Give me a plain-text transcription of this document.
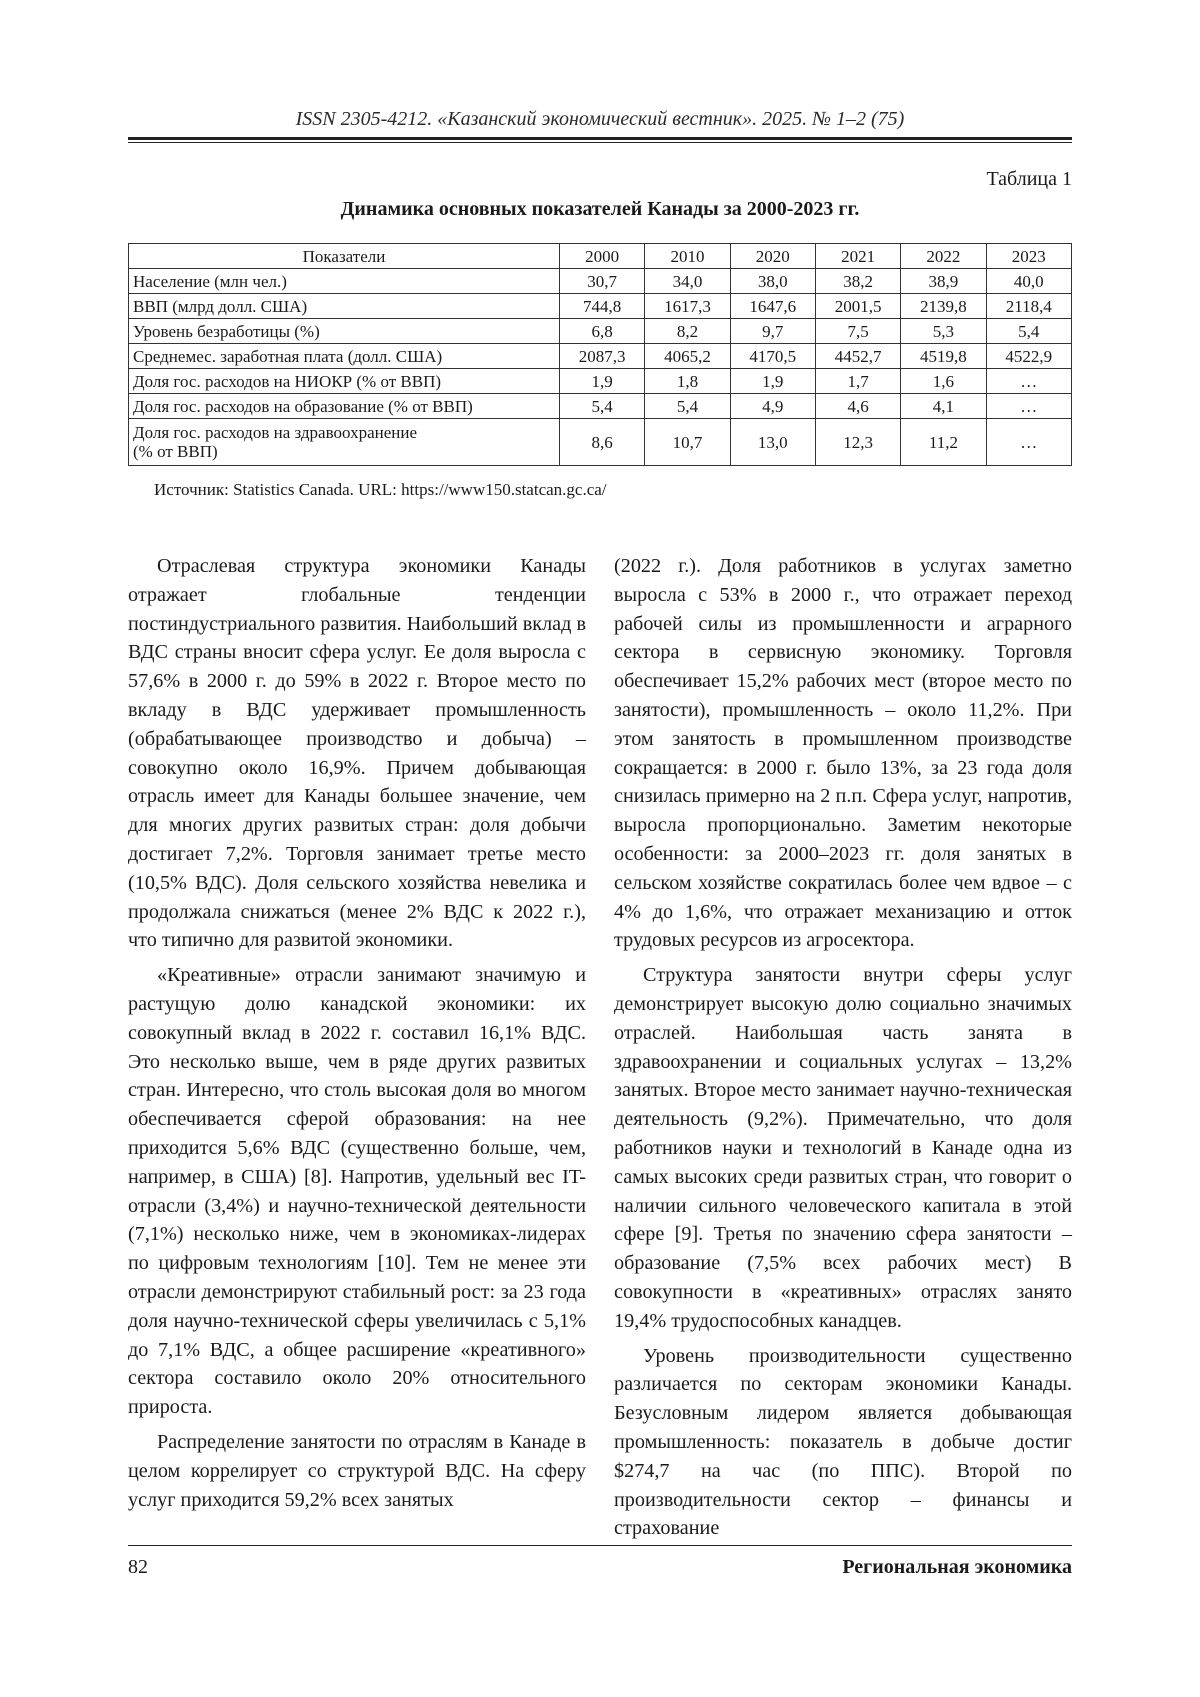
ISSN 2305-4212. «Казанский экономический вестник». 2025. № 1–2 (75)
Таблица 1
Динамика основных показателей Канады за 2000-2023 гг.
Показатели	2000	2010	2020	2021	2022	2023
Население (млн чел.)	30,7	34,0	38,0	38,2	38,9	40,0
ВВП (млрд долл. США)	744,8	1617,3	1647,6	2001,5	2139,8	2118,4
Уровень безработицы (%)	6,8	8,2	9,7	7,5	5,3	5,4
Среднемес. заработная плата (долл. США)	2087,3	4065,2	4170,5	4452,7	4519,8	4522,9
Доля гос. расходов на НИОКР (% от ВВП)	1,9	1,8	1,9	1,7	1,6	…
Доля гос. расходов на образование (% от ВВП)	5,4	5,4	4,9	4,6	4,1	…

Доля гос. расходов на здравоохранение
(% от ВВП)	8,6	10,7	13,0	12,3	11,2	…
Источник: Statistics Canada. URL: https://www150.statcan.gc.ca/

Отраслевая структура экономики Канады отражает глобальные тенденции постиндустриального развития. Наибольший вклад в ВДС страны вносит сфера услуг. Ее доля выросла с 57,6% в 2000 г. до 59% в 2022 г. Второе место по вкладу в ВДС удерживает промышленность (обрабатывающее производство и добыча) – совокупно около 16,9%. Причем добывающая отрасль имеет для Канады большее значение, чем для многих других развитых стран: доля добычи достигает 7,2%. Торговля занимает третье место (10,5% ВДС). Доля сельского хозяйства невелика и продолжала снижаться (менее 2% ВДС к 2022 г.), что типично для развитой экономики.

«Креативные» отрасли занимают значимую и растущую долю канадской экономики: их совокупный вклад в 2022 г. составил 16,1% ВДС. Это несколько выше, чем в ряде других развитых стран. Интересно, что столь высокая доля во многом обеспечивается сферой образования: на нее приходится 5,6% ВДС (существенно больше, чем, например, в США) [8]. Напротив, удельный вес IT-отрасли (3,4%) и научно-технической деятельности (7,1%) несколько ниже, чем в экономиках-лидерах по цифровым технологиям [10]. Тем не менее эти отрасли демонстрируют стабильный рост: за 23 года доля научно-технической сферы увеличилась с 5,1% до 7,1% ВДС, а общее расширение «креативного» сектора составило около 20% относительного прироста.

Распределение занятости по отраслям в Канаде в целом коррелирует со структурой ВДС. На сферу услуг приходится 59,2% всех занятых

(2022 г.). Доля работников в услугах заметно выросла с 53% в 2000 г., что отражает переход рабочей силы из промышленности и аграрного сектора в сервисную экономику. Торговля обеспечивает 15,2% рабочих мест (второе место по занятости), промышленность – около 11,2%. При этом занятость в промышленном производстве сокращается: в 2000 г. было 13%, за 23 года доля снизилась примерно на 2 п.п. Сфера услуг, напротив, выросла пропорционально. Заметим некоторые особенности: за 2000–2023 гг. доля занятых в сельском хозяйстве сократилась более чем вдвое – с 4% до 1,6%, что отражает механизацию и отток трудовых ресурсов из агросектора.

Структура занятости внутри сферы услуг демонстрирует высокую долю социально значимых отраслей. Наибольшая часть занята в здравоохранении и социальных услугах – 13,2% занятых. Второе место занимает научно-техническая деятельность (9,2%). Примечательно, что доля работников науки и технологий в Канаде одна из самых высоких среди развитых стран, что говорит о наличии сильного человеческого капитала в этой сфере [9]. Третья по значению сфера занятости – образование (7,5% всех рабочих мест) В совокупности в «креативных» отраслях занято 19,4% трудоспособных канадцев.

Уровень производительности существенно различается по секторам экономики Канады. Безусловным лидером является добывающая промышленность: показатель в добыче достиг $274,7 на час (по ППС). Второй по производительности сектор – финансы и страхование

82	Региональная экономика
